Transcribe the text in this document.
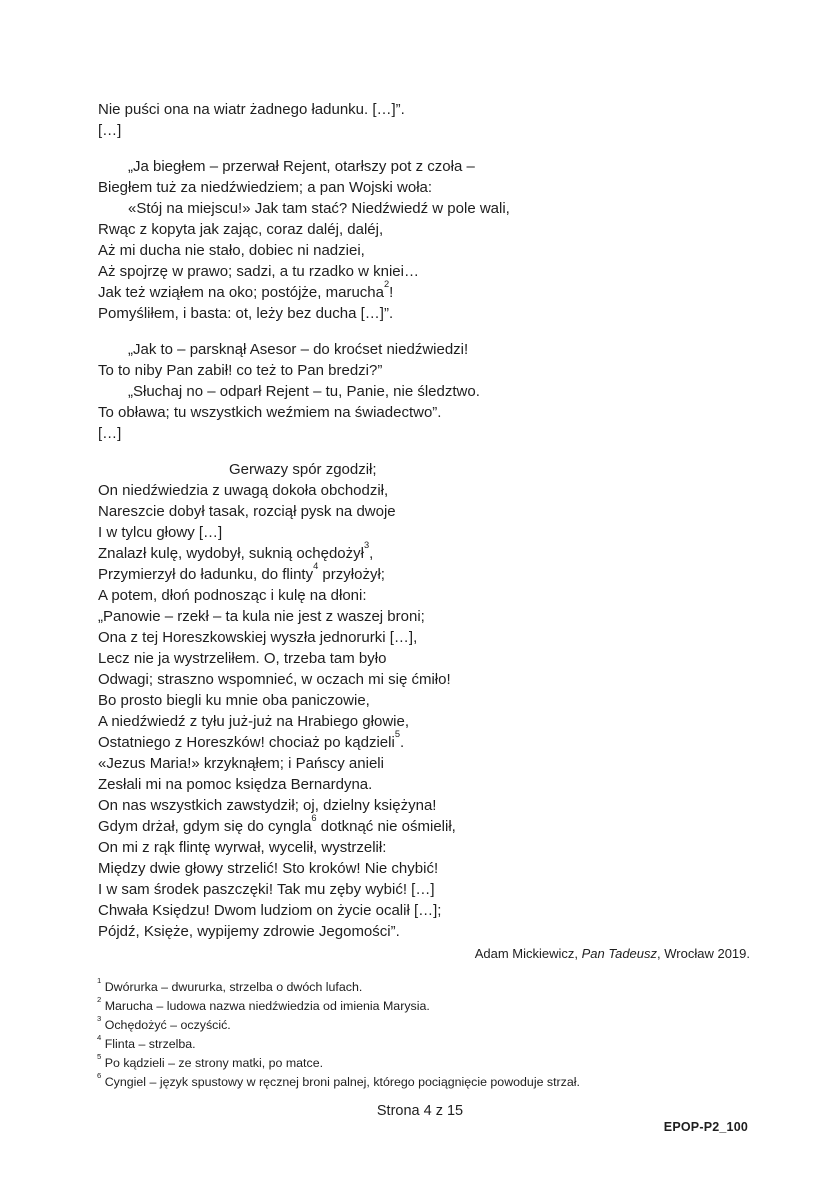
Nie puści ona na wiatr żadnego ładunku. […]”.
[…]
„Ja biegłem – przerwał Rejent, otarłszy pot z czoła –
Biegłem tuż za niedźwiedziem; a pan Wojski woła:
«Stój na miejscu!» Jak tam stać? Niedźwiedź w pole wali,
Rwąc z kopyta jak zając, coraz daléj, daléj,
Aż mi ducha nie stało, dobiec ni nadziei,
Aż spojrzę w prawo; sadzi, a tu rzadko w kniei…
Jak też wziąłem na oko; postójże, marucha$^2$!
Pomyśliłem, i basta: ot, leży bez ducha […]”.
„Jak to – parsknął Asesor – do kroćset niedźwiedzi!
To to niby Pan zabił! co też to Pan bredzi?”
„Słuchaj no – odparł Rejent – tu, Panie, nie śledztwo.
To obława; tu wszystkich weźmiem na świadectwo”.
[…]
Gerwazy spór zgodził;
On niedźwiedzia z uwagą dokoła obchodził,
Nareszcie dobył tasak, rozciął pysk na dwoje
I w tylcu głowy […]
Znalazł kulę, wydobył, suknią ochędożył$^3$,
Przymierzył do ładunku, do flinty$^4$ przyłożył;
A potem, dłoń podnosząc i kulę na dłoni:
„Panowie – rzekł – ta kula nie jest z waszej broni;
Ona z tej Horeszkowskiej wyszła jednorurki […],
Lecz nie ja wystrzeliłem. O, trzeba tam było
Odwagi; straszno wspomnieć, w oczach mi się ćmiło!
Bo prosto biegli ku mnie oba paniczowie,
A niedźwiedź z tyłu już-już na Hrabiego głowie,
Ostatniego z Horeszków! chociaż po kądzieli$^5$.
«Jezus Maria!» krzyknąłem; i Pańscy anieli
Zesłali mi na pomoc księdza Bernardyna.
On nas wszystkich zawstydził; oj, dzielny księżyna!
Gdym drżał, gdym się do cyngla$^6$ dotknąć nie ośmielił,
On mi z rąk flintę wyrwał, wycelił, wystrzelił:
Między dwie głowy strzelić! Sto kroków! Nie chybić!
I w sam środek paszczęki! Tak mu zęby wybić! […]
Chwała Księdzu! Dwom ludziom on życie ocalił […];
Pójdź, Księże, wypijemy zdrowie Jegomości”.
Adam Mickiewicz, Pan Tadeusz, Wrocław 2019.
$^1$ Dwórurka – dwururka, strzelba o dwóch lufach.
$^2$ Marucha – ludowa nazwa niedźwiedzia od imienia Marysia.
$^3$ Ochędożyć – oczyścić.
$^4$ Flinta – strzelba.
$^5$ Po kądzieli – ze strony matki, po matce.
$^6$ Cyngiel – język spustowy w ręcznej broni palnej, którego pociągnięcie powoduje strzał.
Strona 4 z 15
EPOP-P2_100
